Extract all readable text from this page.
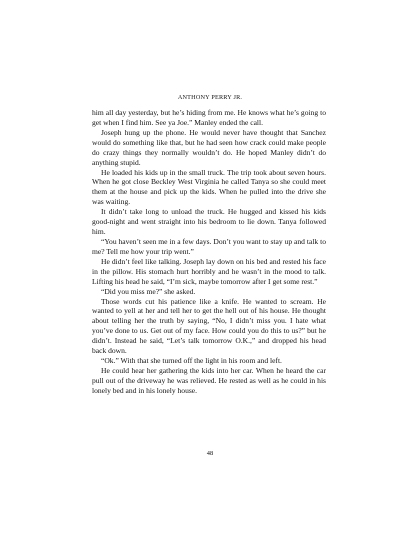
ANTHONY PERRY JR.

him all day yesterday, but he’s hiding from me. He knows what he’s going to get when I find him. See ya Joe.” Manley ended the call.

Joseph hung up the phone. He would never have thought that Sanchez would do something like that, but he had seen how crack could make people do crazy things they normally wouldn’t do. He hoped Manley didn’t do anything stupid.

He loaded his kids up in the small truck. The trip took about seven hours. When he got close Beckley West Virginia he called Tanya so she could meet them at the house and pick up the kids. When he pulled into the drive she was waiting.

It didn’t take long to unload the truck. He hugged and kissed his kids good-night and went straight into his bedroom to lie down. Tanya followed him.

“You haven’t seen me in a few days. Don’t you want to stay up and talk to me? Tell me how your trip went.”

He didn’t feel like talking. Joseph lay down on his bed and rested his face in the pillow. His stomach hurt horribly and he wasn’t in the mood to talk. Lifting his head he said, “I’m sick, maybe tomorrow after I get some rest.”

“Did you miss me?” she asked.

Those words cut his patience like a knife. He wanted to scream. He wanted to yell at her and tell her to get the hell out of his house. He thought about telling her the truth by saying, “No, I didn’t miss you. I hate what you’ve done to us. Get out of my face. How could you do this to us?” but he didn’t. Instead he said, “Let’s talk tomorrow O.K.,” and dropped his head back down.

“Ok.” With that she turned off the light in his room and left.

He could hear her gathering the kids into her car. When he heard the car pull out of the driveway he was relieved. He rested as well as he could in his lonely bed and in his lonely house.

48
